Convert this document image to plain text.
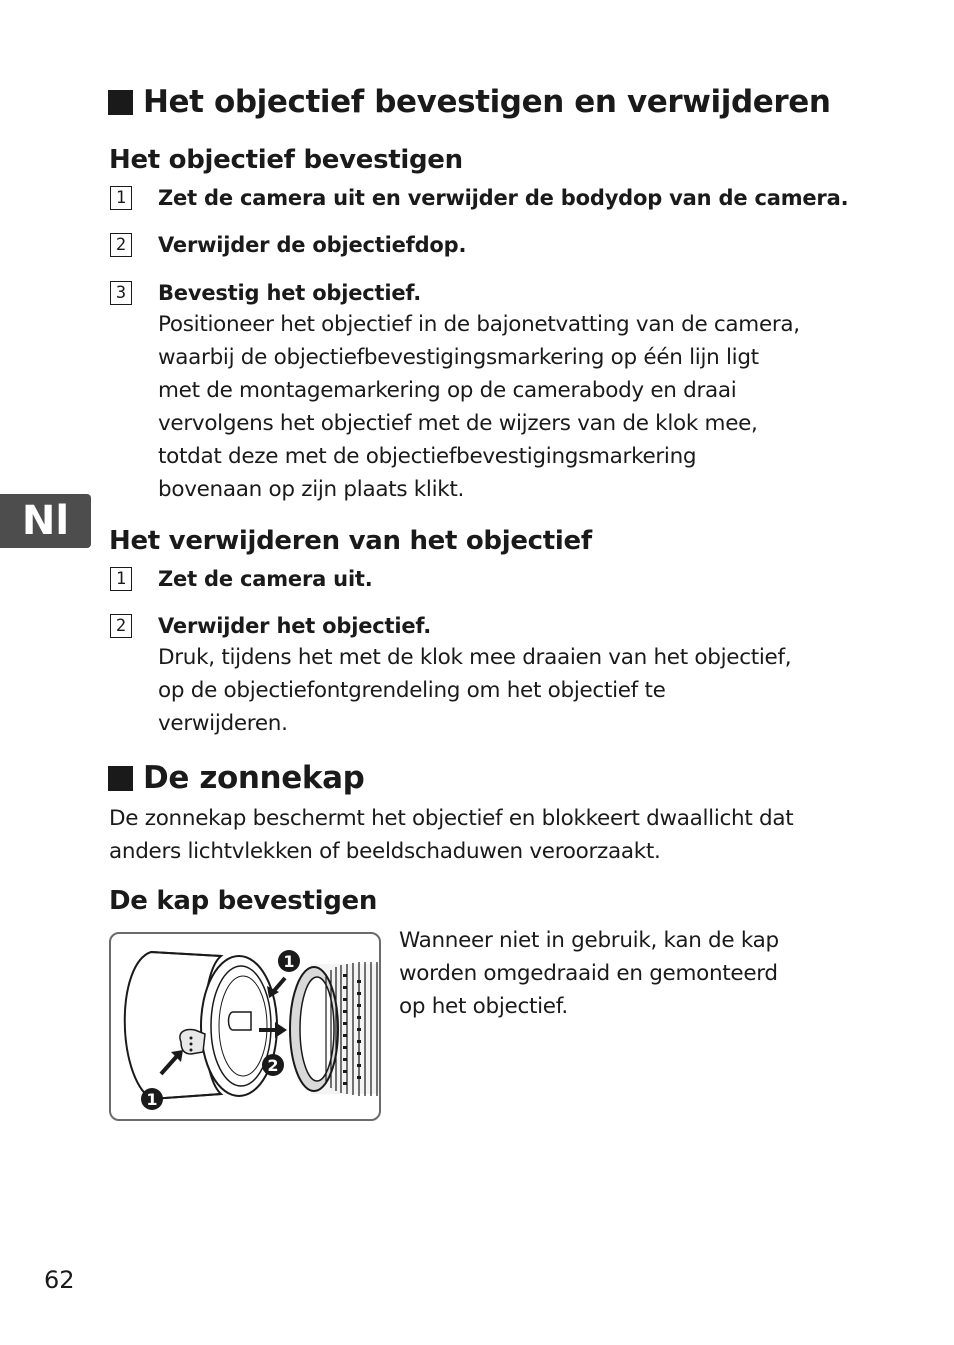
Het objectief bevestigen en verwijderen
Het objectief bevestigen
1 Zet de camera uit en verwijder de bodydop van de camera.
2 Verwijder de objectiefdop.
3 Bevestig het objectief.
Positioneer het objectief in de bajonetvatting van de camera,
waarbij de objectiefbevestigingsmarkering op één lijn ligt
met de montagemarkering op de camerabody en draai
vervolgens het objectief met de wijzers van de klok mee,
totdat deze met de objectiefbevestigingsmarkering
bovenaan op zijn plaats klikt.
Nl	Het verwijderen van het objectief
1 Zet de camera uit.
2 Verwijder het objectief.
Druk, tijdens het met de klok mee draaien van het objectief,
op de objectiefontgrendeling om het objectief te
verwijderen.
De zonnekap
De zonnekap beschermt het objectief en blokkeert dwaallicht dat
anders lichtvlekken of beeldschaduwen veroorzaakt.
De kap bevestigen
1
2
1
Wanneer niet in gebruik, kan de kap
worden omgedraaid en gemonteerd
op het objectief.
62
